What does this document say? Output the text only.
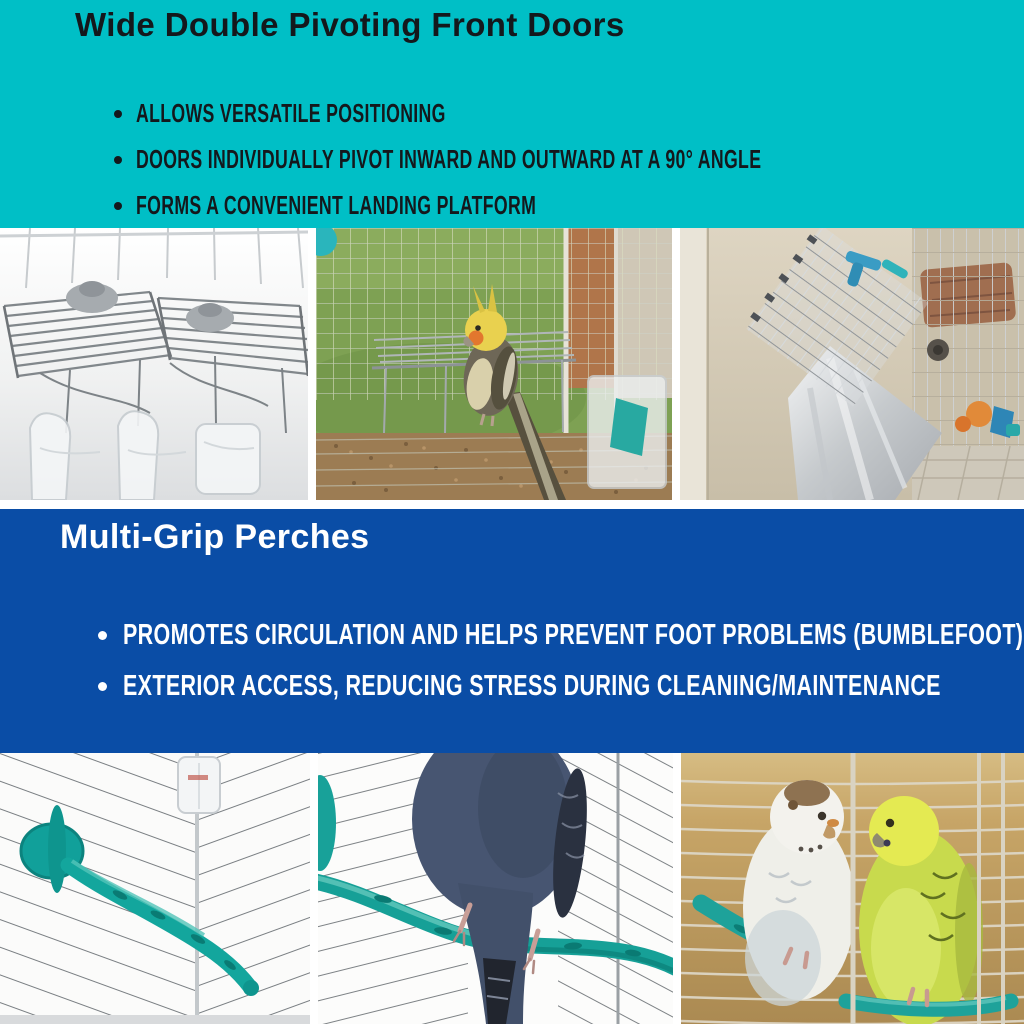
Wide Double Pivoting Front Doors
ALLOWS VERSATILE POSITIONING
DOORS INDIVIDUALLY PIVOT INWARD AND OUTWARD AT A 90° ANGLE
FORMS A CONVENIENT LANDING PLATFORM
Multi-Grip Perches
PROMOTES CIRCULATION AND HELPS PREVENT FOOT PROBLEMS (BUMBLEFOOT)
EXTERIOR ACCESS, REDUCING STRESS DURING CLEANING/MAINTENANCE
